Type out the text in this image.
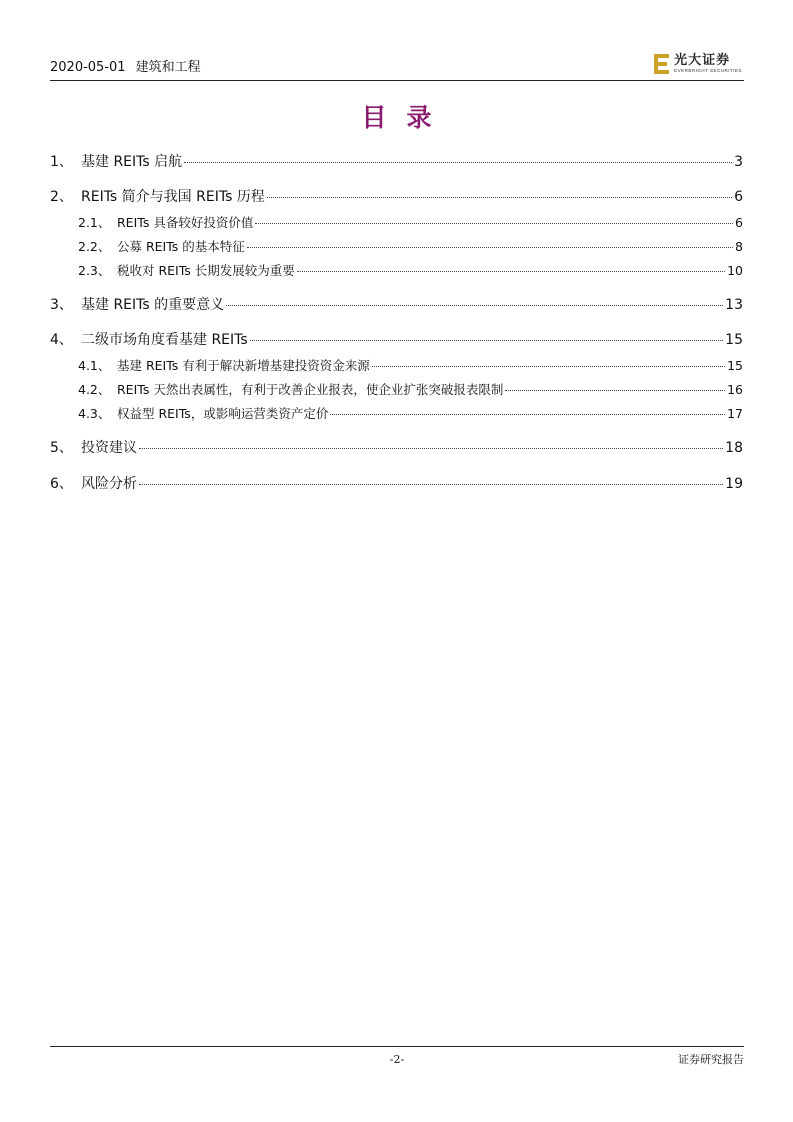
2020-05-01 建筑和工程	光大证券
EVERBRIGHT SECURITIES
目录
1、 基建 REITs 启航	3
2、 REITs 简介与我国 REITs 历程	6
2.1、 REITs 具备较好投资价值	6
2.2、 公募 REITs 的基本特征	8
2.3、 税收对 REITs 长期发展较为重要	10
3、 基建 REITs 的重要意义	13
4、 二级市场角度看基建 REITs	15
4.1、 基建 REITs 有利于解决新增基建投资资金来源	15
4.2、 REITs 天然出表属性，有利于改善企业报表，使企业扩张突破报表限制	16
4.3、 权益型 REITs，或影响运营类资产定价	17
5、 投资建议	18
6、 风险分析	19
-2-	证券研究报告
